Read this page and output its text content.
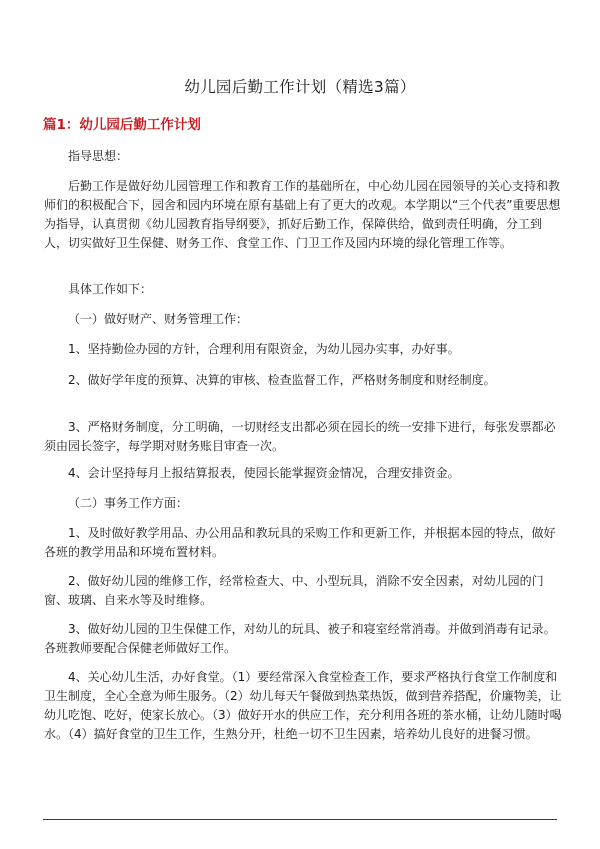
幼儿园后勤工作计划（精选3篇）
篇1：幼儿园后勤工作计划

指导思想：

后勤工作是做好幼儿园管理工作和教育工作的基础所在，中心幼儿园在园领导的关心支持和教师们的积极配合下，园舍和园内环境在原有基础上有了更大的改观。本学期以“三个代表”重要思想为指导，认真贯彻《幼儿园教育指导纲要》，抓好后勤工作，保障供给，做到责任明确，分工到人，切实做好卫生保健、财务工作、食堂工作、门卫工作及园内环境的绿化管理工作等。

具体工作如下：

（一）做好财产、财务管理工作：

1、坚持勤俭办园的方针，合理利用有限资金，为幼儿园办实事，办好事。

2、做好学年度的预算、决算的审核、检查监督工作，严格财务制度和财经制度。

3、严格财务制度，分工明确，一切财经支出都必须在园长的统一安排下进行，每张发票都必须由园长签字，每学期对财务账目审查一次。

4、会计坚持每月上报结算报表，使园长能掌握资金情况，合理安排资金。

（二）事务工作方面：

1、及时做好教学用品、办公用品和教玩具的采购工作和更新工作，并根据本园的特点，做好各班的教学用品和环境布置材料。

2、做好幼儿园的维修工作，经常检查大、中、小型玩具，消除不安全因素，对幼儿园的门窗、玻璃、自来水等及时维修。

3、做好幼儿园的卫生保健工作，对幼儿的玩具、被子和寝室经常消毒。并做到消毒有记录。各班教师要配合保健老师做好工作。

4、关心幼儿生活，办好食堂。（1）要经常深入食堂检查工作，要求严格执行食堂工作制度和卫生制度，全心全意为师生服务。（2）幼儿每天午餐做到热菜热饭，做到营养搭配，价廉物美，让幼儿吃饱、吃好，使家长放心。（3）做好开水的供应工作，充分利用各班的茶水桶，让幼儿随时喝水。（4）搞好食堂的卫生工作，生熟分开，杜绝一切不卫生因素，培养幼儿良好的进餐习惯。
